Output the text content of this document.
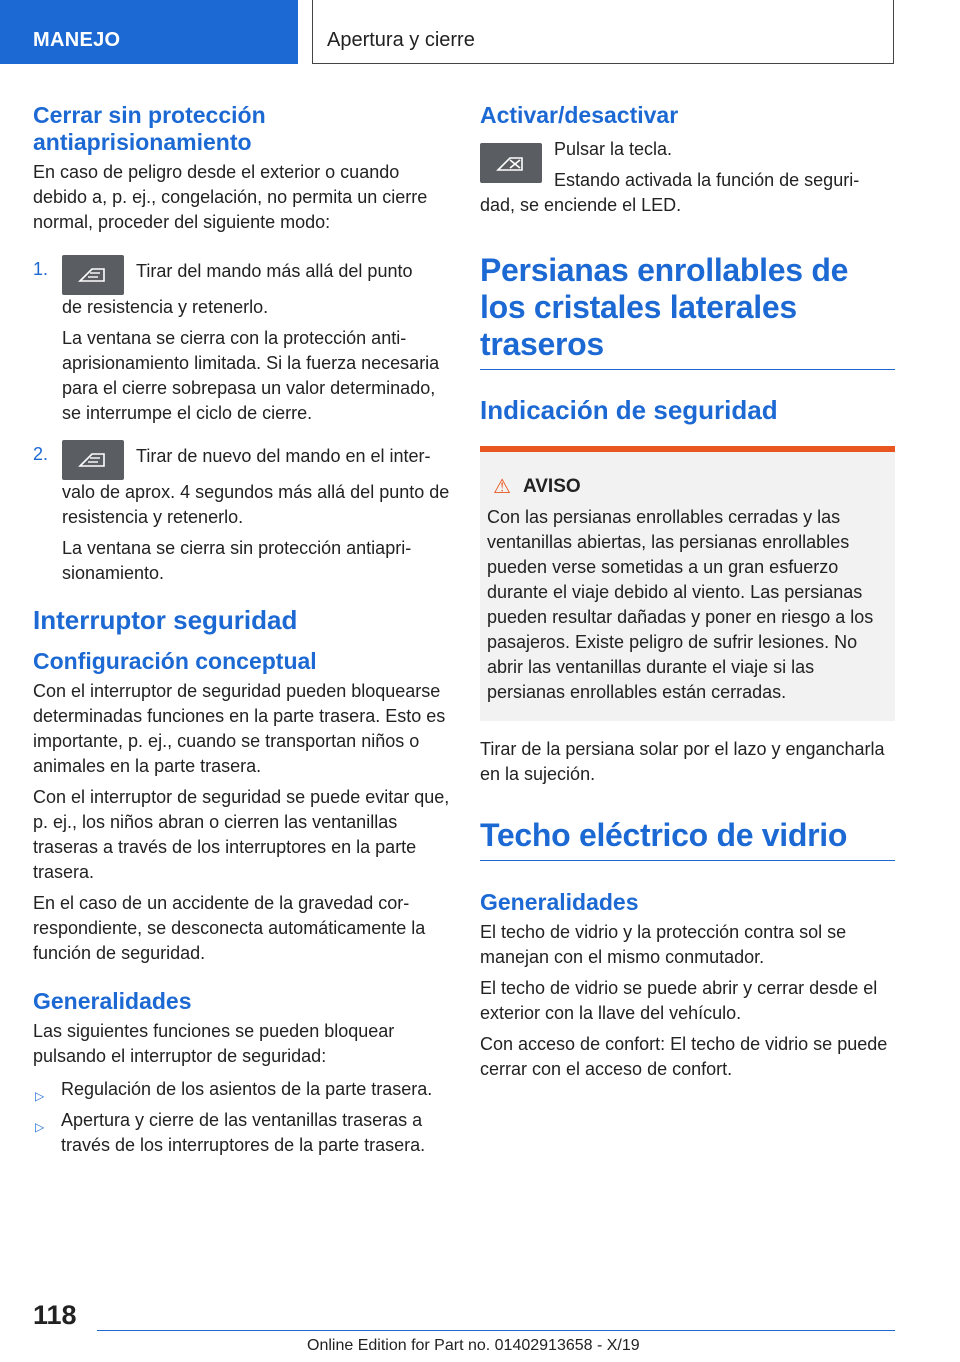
MANEJO	Apertura y cierre
Cerrar sin protección antiaprisionamiento

En caso de peligro desde el exterior o cuando debido a, p. ej., congelación, no permita un cierre normal, proceder del siguiente modo:

1.	Tirar del mando más allá del punto

de resistencia y retenerlo.

La ventana se cierra con la protección antiaprisionamiento limitada. Si la fuerza necesaria para el cierre sobrepasa un valor determinado, se interrumpe el ciclo de cierre.

2.	Tirar de nuevo del mando en el inter-

valo de aprox. 4 segundos más allá del punto de resistencia y retenerlo.

La ventana se cierra sin protección antiaprisionamiento.

Interruptor seguridad
Configuración conceptual

Con el interruptor de seguridad pueden bloquearse determinadas funciones en la parte trasera. Esto es importante, p. ej., cuando se transportan niños o animales en la parte trasera.

Con el interruptor de seguridad se puede evitar que, p. ej., los niños abran o cierren las ventanillas traseras a través de los interruptores en la parte trasera.

En el caso de un accidente de la gravedad correspondiente, se desconecta automáticamente la función de seguridad.

Generalidades

Las siguientes funciones se pueden bloquear pulsando el interruptor de seguridad:

▷ Regulación de los asientos de la parte trasera.
▷ Apertura y cierre de las ventanillas traseras a través de los interruptores de la parte trasera.
Activar/desactivar

Pulsar la tecla.

Estando activada la función de seguri-

dad, se enciende el LED.

Persianas enrollables de los cristales laterales traseros
Indicación de seguridad
⚠ AVISO

Con las persianas enrollables cerradas y las ventanillas abiertas, las persianas enrollables pueden verse sometidas a un gran esfuerzo durante el viaje debido al viento. Las persianas pueden resultar dañadas y poner en riesgo a los pasajeros. Existe peligro de sufrir lesiones. No abrir las ventanillas durante el viaje si las persianas enrollables están cerradas.

Tirar de la persiana solar por el lazo y engancharla en la sujeción.

Techo eléctrico de vidrio
Generalidades

El techo de vidrio y la protección contra sol se manejan con el mismo conmutador.

El techo de vidrio se puede abrir y cerrar desde el exterior con la llave del vehículo.

Con acceso de confort: El techo de vidrio se puede cerrar con el acceso de confort.

118
Online Edition for Part no. 01402913658 - X/19
